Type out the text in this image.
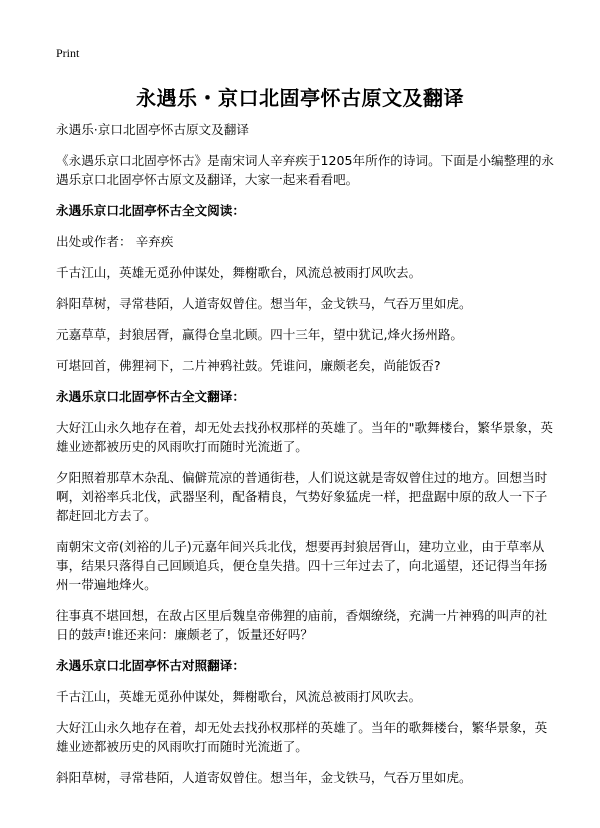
Print
永遇乐・京口北固亭怀古原文及翻译
永遇乐·京口北固亭怀古原文及翻译
《永遇乐京口北固亭怀古》是南宋词人辛弃疾于1205年所作的诗词。下面是小编整理的永遇乐京口北固亭怀古原文及翻译，大家一起来看看吧。
永遇乐京口北固亭怀古全文阅读：
出处或作者： 辛弃疾
千古江山，英雄无觅孙仲谋处，舞榭歌台，风流总被雨打风吹去。
斜阳草树，寻常巷陌，人道寄奴曾住。想当年，金戈铁马，气吞万里如虎。
元嘉草草，封狼居胥，赢得仓皇北顾。四十三年，望中犹记,烽火扬州路。
可堪回首，佛狸祠下，二片神鸦社鼓。凭谁问，廉颇老矣，尚能饭否?
永遇乐京口北固亭怀古全文翻译：
大好江山永久地存在着，却无处去找孙权那样的英雄了。当年的"歌舞楼台，繁华景象，英雄业迹都被历史的风雨吹打而随时光流逝了。
夕阳照着那草木杂乱、偏僻荒凉的普通街巷，人们说这就是寄奴曾住过的地方。回想当时啊，刘裕率兵北伐，武器坚利，配备精良，气势好象猛虎一样，把盘踞中原的敌人一下子都赶回北方去了。
南朝宋文帝(刘裕的儿子)元嘉年间兴兵北伐，想要再封狼居胥山，建功立业，由于草率从事，结果只落得自己回顾追兵，便仓皇失措。四十三年过去了，向北遥望，还记得当年扬州一带遍地烽火。
往事真不堪回想，在敌占区里后魏皇帝佛狸的庙前，香烟缭绕，充满一片神鸦的叫声的社日的鼓声!谁还来问：廉颇老了，饭量还好吗？
永遇乐京口北固亭怀古对照翻译：
千古江山，英雄无觅孙仲谋处，舞榭歌台，风流总被雨打风吹去。
大好江山永久地存在着，却无处去找孙权那样的英雄了。当年的歌舞楼台，繁华景象，英雄业迹都被历史的风雨吹打而随时光流逝了。
斜阳草树，寻常巷陌，人道寄奴曾住。想当年，金戈铁马，气吞万里如虎。
